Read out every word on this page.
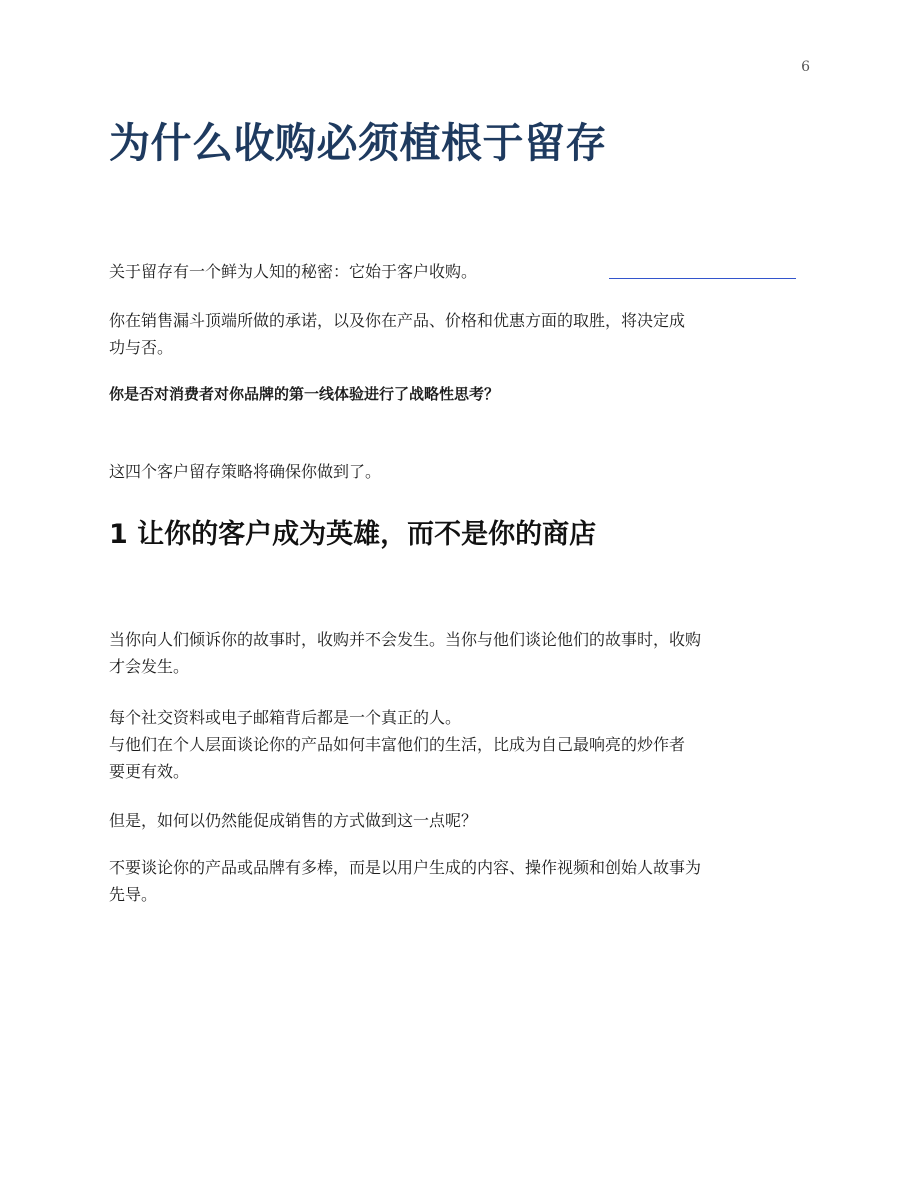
6
为什么收购必须植根于留存

关于留存有一个鲜为人知的秘密：它始于客户收购。

你在销售漏斗顶端所做的承诺，以及你在产品、价格和优惠方面的取胜，将决定成
功与否。

你是否对消费者对你品牌的第一线体验进行了战略性思考？

这四个客户留存策略将确保你做到了。

1 让你的客户成为英雄，而不是你的商店

当你向人们倾诉你的故事时，收购并不会发生。当你与他们谈论他们的故事时，收购
才会发生。

每个社交资料或电子邮箱背后都是一个真正的人。
与他们在个人层面谈论你的产品如何丰富他们的生活，比成为自己最响亮的炒作者
要更有效。

但是，如何以仍然能促成销售的方式做到这一点呢？

不要谈论你的产品或品牌有多棒，而是以用户生成的内容、操作视频和创始人故事为
先导。
